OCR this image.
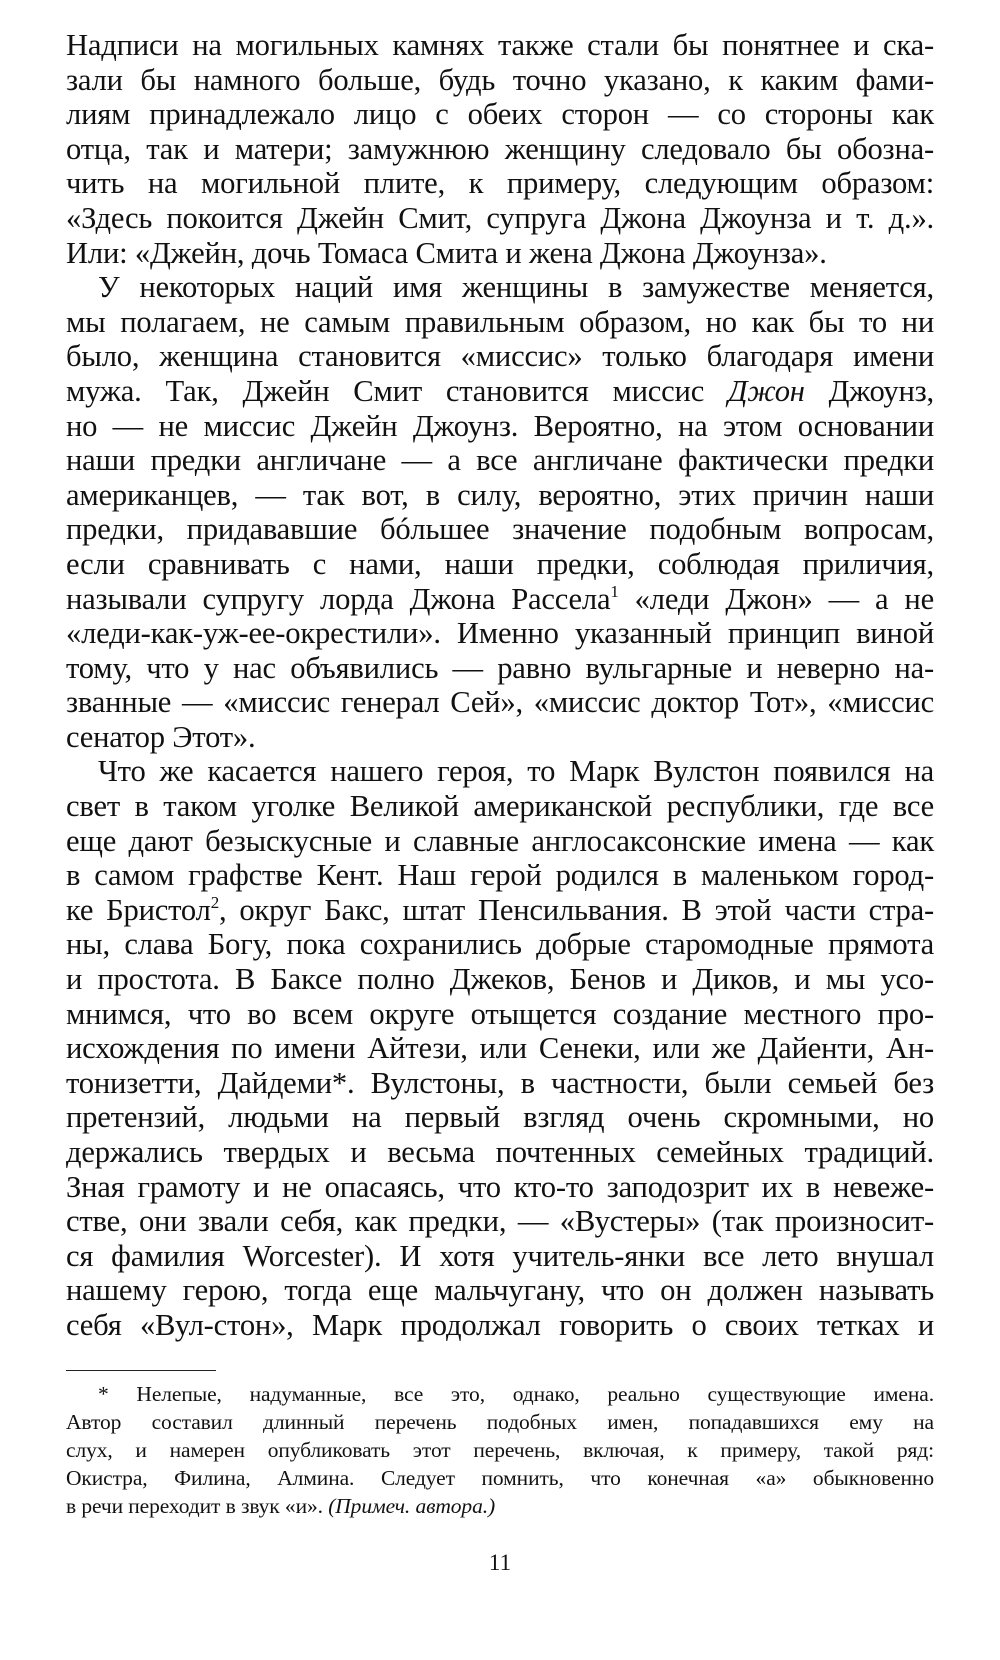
Надписи на могильных камнях также стали бы понятнее и ска-
зали бы намного больше, будь точно указано, к каким фами-
лиям принадлежало лицо с обеих сторон — со стороны как
отца, так и матери; замужнюю женщину следовало бы обозна-
чить на могильной плите, к примеру, следующим образом:
«Здесь покоится Джейн Смит, супруга Джона Джоунза и т. д.».
Или: «Джейн, дочь Томаса Смита и жена Джона Джоунза».

У некоторых наций имя женщины в замужестве меняется,
мы полагаем, не самым правильным образом, но как бы то ни
было, женщина становится «миссис» только благодаря имени
мужа. Так, Джейн Смит становится миссис Джон Джоунз,
но — не миссис Джейн Джоунз. Вероятно, на этом основании
наши предки англичане — а все англичане фактически предки
американцев, — так вот, в силу, вероятно, этих причин наши
предки, придававшие бóльшее значение подобным вопросам,
если сравнивать с нами, наши предки, соблюдая приличия,
называли супругу лорда Джона Рассела$^1$ «леди Джон» — а не
«леди-как-уж-ее-окрестили». Именно указанный принцип виной
тому, что у нас объявились — равно вульгарные и неверно на-
званные — «миссис генерал Сей», «миссис доктор Тот», «миссис
сенатор Этот».

Что же касается нашего героя, то Марк Вулстон появился на
свет в таком уголке Великой американской республики, где все
еще дают безыскусные и славные англосаксонские имена — как
в самом графстве Кент. Наш герой родился в маленьком город-
ке Бристол$^2$, округ Бакс, штат Пенсильвания. В этой части стра-
ны, слава Богу, пока сохранились добрые старомодные прямота
и простота. В Баксе полно Джеков, Бенов и Диков, и мы усо-
мнимся, что во всем округе отыщется создание местного про-
исхождения по имени Айтези, или Сенеки, или же Дайенти, Ан-
тонизетти, Дайдеми*. Вулстоны, в частности, были семьей без
претензий, людьми на первый взгляд очень скромными, но
держались твердых и весьма почтенных семейных традиций.
Зная грамоту и не опасаясь, что кто-то заподозрит их в невеже-
стве, они звали себя, как предки, — «Вустеры» (так произносит-
ся фамилия Worcester). И хотя учитель-янки все лето внушал
нашему герою, тогда еще мальчугану, что он должен называть
себя «Вул-стон», Марк продолжал говорить о своих тетках и

* Нелепые, надуманные, все это, однако, реально существующие имена.
Автор составил длинный перечень подобных имен, попадавшихся ему на
слух, и намерен опубликовать этот перечень, включая, к примеру, такой ряд:
Окистра, Филина, Алмина. Следует помнить, что конечная «а» обыкновенно
в речи переходит в звук «и». (Примеч. автора.)
11
